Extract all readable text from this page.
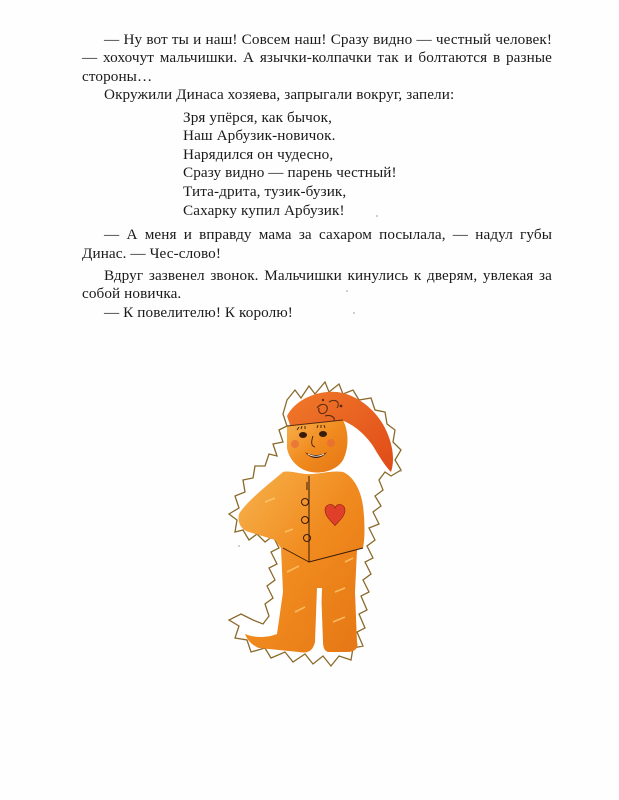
— Ну вот ты и наш! Совсем наш! Сразу видно — честный человек! — хохочут мальчишки. А язычки-колпачки так и болтаются в разные стороны…

Окружили Динаса хозяева, запрыгали вокруг, запели:

Зря упёрся, как бычок,
Наш Арбузик-новичок.
Нарядился он чудесно,
Сразу видно — парень честный!
Тита-дрита, тузик-бузик,
Сахарку купил Арбузик!

— А меня и вправду мама за сахаром посылала, — надул губы Динас. — Чес-слово!

Вдруг зазвенел звонок. Мальчишки кинулись к дверям, увлекая за собой новичка.

— К повелителю! К королю!
